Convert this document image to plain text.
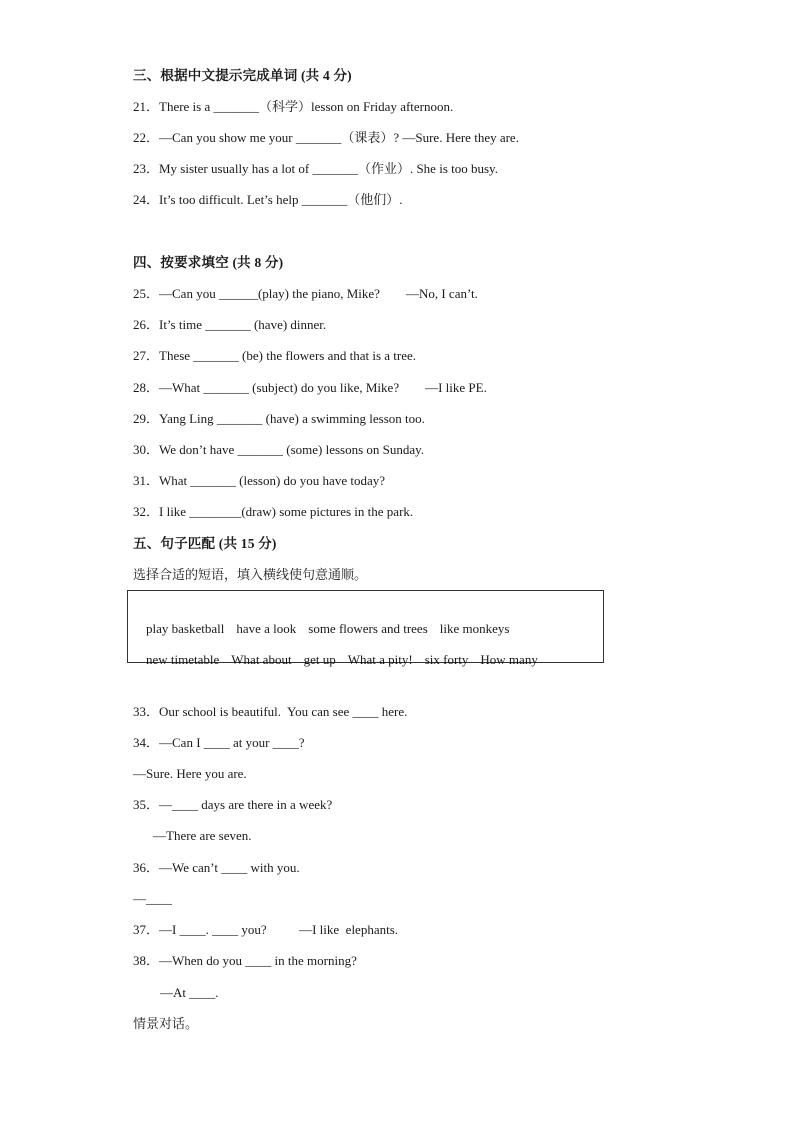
三、根据中文提示完成单词 (共 4 分)
21．There is a _______（科学）lesson on Friday afternoon.
22．—Can you show me your _______（课表）? —Sure. Here they are.
23．My sister usually has a lot of _______（作业）. She is too busy.
24．It’s too difficult. Let’s help _______（他们）.
四、按要求填空 (共 8 分)
25．—Can you ______(play) the piano, Mike?        —No, I can’t.
26．It’s time _______ (have) dinner.
27．These _______ (be) the flowers and that is a tree.
28．—What _______ (subject) do you like, Mike?        —I like PE.
29．Yang Ling _______ (have) a swimming lesson too.
30．We don’t have _______ (some) lessons on Sunday.
31．What _______ (lesson) do you have today?
32．I like ________(draw) some pictures in the park.
五、句子匹配 (共 15 分)
选择合适的短语，填入横线使句意通顺。

play basketball have a look some flowers and trees like monkeys

new timetable What about get up What a pity! six forty How many

33．Our school is beautiful.  You can see ____ here.
34．—Can I ____ at your ____?
—Sure. Here you are.
35．—____ days are there in a week?
—There are seven.
36．—We can’t ____ with you.
—____
37．—I ____. ____ you?          —I like  elephants.
38．—When do you ____ in the morning?
—At ____.
情景对话。
